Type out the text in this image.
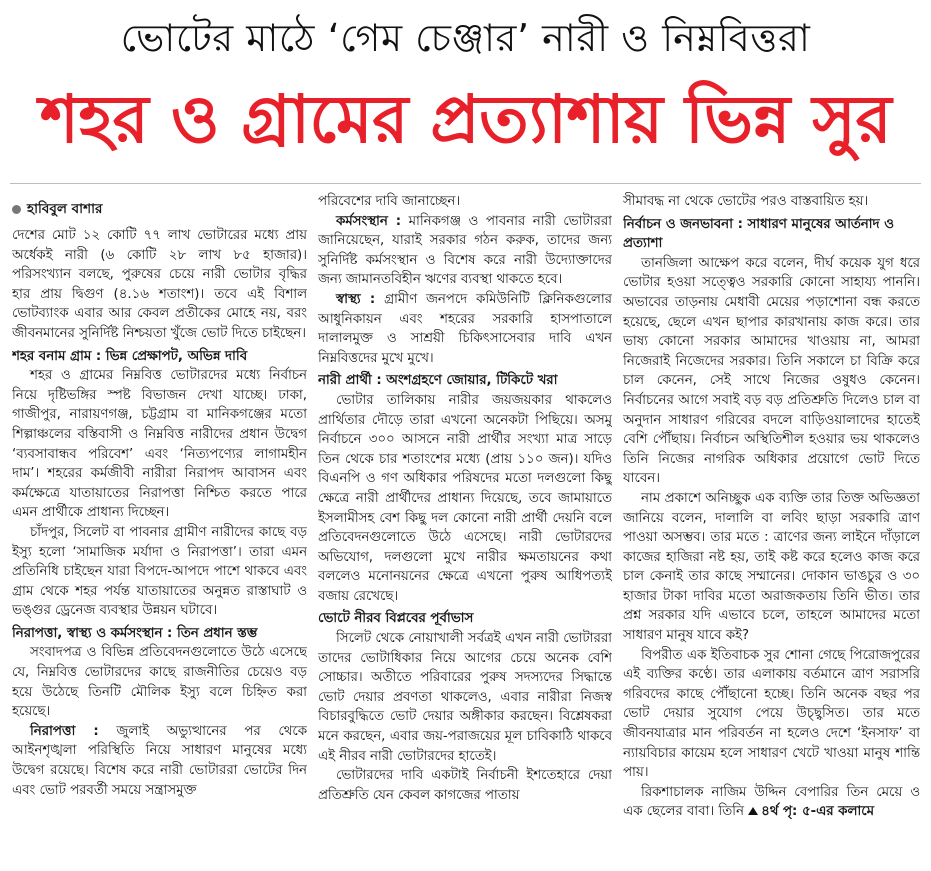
ভোটের মাঠে ‘গেম চেঞ্জার’ নারী ও নিম্নবিত্তরা
শহর ও গ্রামের প্রত্যাশায় ভিন্ন সুর
হাবিবুল বাশার

দেশের মোট ১২ কোটি ৭৭ লাখ ভোটারের মধ্যে প্রায় অর্ধেকই নারী (৬ কোটি ২৮ লাখ ৮৫ হাজার)। পরিসংখ্যান বলছে, পুরুষের চেয়ে নারী ভোটার বৃদ্ধির হার প্রায় দ্বিগুণ (৪.১৬ শতাংশ)। তবে এই বিশাল ভোটব্যাংক এবার আর কেবল প্রতীকের মোহে নয়, বরং জীবনমানের সুনির্দিষ্ট নিশ্চয়তা খুঁজে ভোট দিতে চাইছেন।

শহর বনাম গ্রাম : ভিন্ন প্রেক্ষাপট, অভিন্ন দাবি

শহর ও গ্রামের নিম্নবিত্ত ভোটারদের মধ্যে নির্বাচন নিয়ে দৃষ্টিভঙ্গির স্পষ্ট বিভাজন দেখা যাচ্ছে। ঢাকা, গাজীপুর, নারায়ণগঞ্জ, চট্টগ্রাম বা মানিকগঞ্জের মতো শিল্পাঞ্চলের বস্তিবাসী ও নিম্নবিত্ত নারীদের প্রধান উদ্বেগ ‘ব্যবসাবান্ধব পরিবেশ’ এবং ‘নিত্যপণ্যের লাগামহীন দাম’। শহরের কর্মজীবী নারীরা নিরাপদ আবাসন এবং কর্মক্ষেত্রে যাতায়াতের নিরাপত্তা নিশ্চিত করতে পারে এমন প্রার্থীকে প্রাধান্য দিচ্ছেন।

চাঁদপুর, সিলেট বা পাবনার গ্রামীণ নারীদের কাছে বড় ইস্যু হলো ‘সামাজিক মর্যাদা ও নিরাপত্তা’। তারা এমন প্রতিনিধি চাইছেন যারা বিপদে-আপদে পাশে থাকবে এবং গ্রাম থেকে শহর পর্যন্ত যাতায়াতের অনুন্নত রাস্তাঘাট ও ভঙ্গুর ড্রেনেজ ব্যবস্থার উন্নয়ন ঘটাবে।

নিরাপত্তা, স্বাস্থ্য ও কর্মসংস্থান : তিন প্রধান স্তম্ভ

সংবাদপত্র ও বিভিন্ন প্রতিবেদনগুলোতে উঠে এসেছে যে, নিম্নবিত্ত ভোটারদের কাছে রাজনীতির চেয়েও বড় হয়ে উঠেছে তিনটি মৌলিক ইস্যু বলে চিহ্নিত করা হয়েছে।

নিরাপত্তা : জুলাই অভ্যুত্থানের পর থেকে আইনশৃঙ্খলা পরিস্থিতি নিয়ে সাধারণ মানুষের মধ্যে উদ্বেগ রয়েছে। বিশেষ করে নারী ভোটাররা ভোটের দিন এবং ভোট পরবর্তী সময়ে সন্ত্রাসমুক্ত

পরিবেশের দাবি জানাচ্ছেন।

কর্মসংস্থান : মানিকগঞ্জ ও পাবনার নারী ভোটাররা জানিয়েছেন, যারাই সরকার গঠন করুক, তাদের জন্য সুনির্দিষ্ট কর্মসংস্থান ও বিশেষ করে নারী উদ্যোক্তাদের জন্য জামানতবিহীন ঋণের ব্যবস্থা থাকতে হবে।

স্বাস্থ্য : গ্রামীণ জনপদে কমিউনিটি ক্লিনিকগুলোর আধুনিকায়ন এবং শহরের সরকারি হাসপাতালে দালালমুক্ত ও সাশ্রয়ী চিকিৎসাসেবার দাবি এখন নিম্নবিত্তদের মুখে মুখে।

নারী প্রার্থী : অংশগ্রহণে জোয়ার, টিকিটে খরা

ভোটার তালিকায় নারীর জয়জয়কার থাকলেও প্রার্থিতার দৌড়ে তারা এখনো অনেকটা পিছিয়ে। অসমু নির্বাচনে ৩০০ আসনে নারী প্রার্থীর সংখ্যা মাত্র সাড়ে তিন থেকে চার শতাংশের মধ্যে (প্রায় ১১০ জন)। যদিও বিএনপি ও গণ অধিকার পরিষদের মতো দলগুলো কিছু ক্ষেত্রে নারী প্রার্থীদের প্রাধান্য দিয়েছে, তবে জামায়াতে ইসলামীসহ বেশ কিছু দল কোনো নারী প্রার্থী দেয়নি বলে প্রতিবেদনগুলোতে উঠে এসেছে। নারী ভোটারদের অভিযোগ, দলগুলো মুখে নারীর ক্ষমতায়নের কথা বললেও মনোনয়নের ক্ষেত্রে এখনো পুরুষ আধিপত্যই বজায় রেখেছে।

ভোটে নীরব বিপ্লবের পূর্বাভাস

সিলেট থেকে নোয়াখালী সর্বত্রই এখন নারী ভোটাররা তাদের ভোটাধিকার নিয়ে আগের চেয়ে অনেক বেশি সোচ্চার। অতীতে পরিবারের পুরুষ সদস্যদের সিদ্ধান্তে ভোট দেয়ার প্রবণতা থাকলেও, এবার নারীরা নিজস্ব বিচারবুদ্ধিতে ভোট দেয়ার অঙ্গীকার করছেন। বিশ্লেষকরা মনে করছেন, এবার জয়-পরাজয়ের মূল চাবিকাঠি থাকবে এই নীরব নারী ভোটারদের হাতেই।

ভোটারদের দাবি একটাই নির্বাচনী ইশতেহারে দেয়া প্রতিশ্রুতি যেন কেবল কাগজের পাতায়

সীমাবদ্ধ না থেকে ভোটের পরও বাস্তবায়িত হয়।

নির্বাচন ও জনভাবনা : সাধারণ মানুষের আর্তনাদ ও প্রত্যাশা

তানজিলা আক্ষেপ করে বলেন, দীর্ঘ কয়েক যুগ ধরে ভোটার হওয়া সত্ত্বেও সরকারি কোনো সাহায্য পাননি। অভাবের তাড়নায় মেধাবী মেয়ের পড়াশোনা বন্ধ করতে হয়েছে, ছেলে এখন ছাপার কারখানায় কাজ করে। তার ভাষ্য কোনো সরকার আমাদের খাওয়ায় না, আমরা নিজেরাই নিজেদের সরকার। তিনি সকালে চা বিক্রি করে চাল কেনেন, সেই সাথে নিজের ওষুধও কেনেন। নির্বাচনের আগে সবাই বড় বড় প্রতিশ্রুতি দিলেও চাল বা অনুদান সাধারণ গরিবের বদলে বাড়িওয়ালাদের হাতেই বেশি পৌঁছায়। নির্বাচন অস্থিতিশীল হওয়ার ভয় থাকলেও তিনি নিজের নাগরিক অধিকার প্রয়োগে ভোট দিতে যাবেন।

নাম প্রকাশে অনিচ্ছুক এক ব্যক্তি তার তিক্ত অভিজ্ঞতা জানিয়ে বলেন, দালালি বা লবিং ছাড়া সরকারি ত্রাণ পাওয়া অসম্ভব। তার মতে : ত্রাণের জন্য লাইনে দাঁড়ালে কাজের হাজিরা নষ্ট হয়, তাই কষ্ট করে হলেও কাজ করে চাল কেনাই তার কাছে সম্মানের। দোকান ভাঙচুর ও ৩০ হাজার টাকা দাবির মতো অরাজকতায় তিনি ভীত। তার প্রশ্ন সরকার যদি এভাবে চলে, তাহলে আমাদের মতো সাধারণ মানুষ যাবে কই?

বিপরীত এক ইতিবাচক সুর শোনা গেছে পিরোজপুরের এই ব্যক্তির কণ্ঠে। তার এলাকায় বর্তমানে ত্রাণ সরাসরি গরিবদের কাছে পৌঁছানো হচ্ছে। তিনি অনেক বছর পর ভোট দেয়ার সুযোগ পেয়ে উচ্ছ্বসিত। তার মতে জীবনযাত্রার মান পরিবর্তন না হলেও দেশে ‘ইনসাফ’ বা ন্যায়বিচার কায়েম হলে সাধারণ খেটে খাওয়া মানুষ শান্তি পায়।

রিকশাচালক নাজিম উদ্দিন বেপারির তিন মেয়ে ও এক ছেলের বাবা। তিনি ৪র্থ পৃ: ৫-এর কলামে
